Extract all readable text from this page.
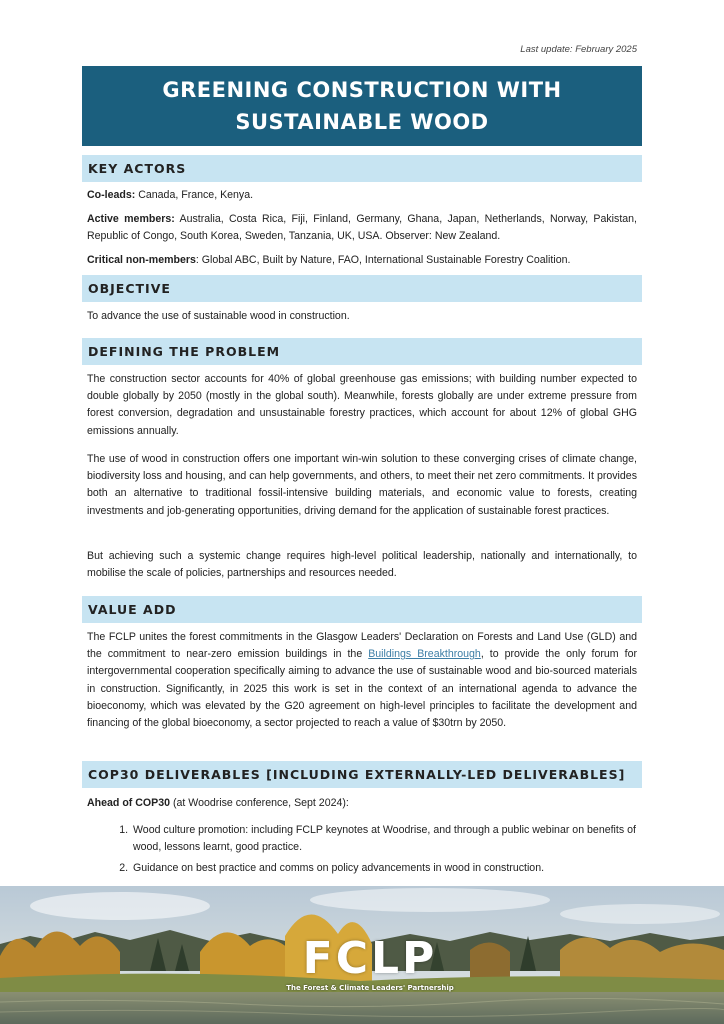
Last update: February 2025
GREENING CONSTRUCTION WITH
SUSTAINABLE WOOD
KEY ACTORS
Co-leads: Canada, France, Kenya.
Active members: Australia, Costa Rica, Fiji, Finland, Germany, Ghana, Japan, Netherlands, Norway, Pakistan, Republic of Congo, South Korea, Sweden, Tanzania, UK, USA. Observer: New Zealand.
Critical non-members: Global ABC, Built by Nature, FAO, International Sustainable Forestry Coalition.
OBJECTIVE
To advance the use of sustainable wood in construction.
DEFINING THE PROBLEM
The construction sector accounts for 40% of global greenhouse gas emissions; with building number expected to double globally by 2050 (mostly in the global south). Meanwhile, forests globally are under extreme pressure from forest conversion, degradation and unsustainable forestry practices, which account for about 12% of global GHG emissions annually.
The use of wood in construction offers one important win-win solution to these converging crises of climate change, biodiversity loss and housing, and can help governments, and others, to meet their net zero commitments. It provides both an alternative to traditional fossil-intensive building materials, and economic value to forests, creating investments and job-generating opportunities, driving demand for the application of sustainable forest practices.
But achieving such a systemic change requires high-level political leadership, nationally and internationally, to mobilise the scale of policies, partnerships and resources needed.
VALUE ADD
The FCLP unites the forest commitments in the Glasgow Leaders' Declaration on Forests and Land Use (GLD) and the commitment to near-zero emission buildings in the Buildings Breakthrough, to provide the only forum for intergovernmental cooperation specifically aiming to advance the use of sustainable wood and bio-sourced materials in construction. Significantly, in 2025 this work is set in the context of an international agenda to advance the bioeconomy, which was elevated by the G20 agreement on high-level principles to facilitate the development and financing of the global bioeconomy, a sector projected to reach a value of $30trn by 2050.
COP30 DELIVERABLES [INCLUDING EXTERNALLY-LED DELIVERABLES]
Ahead of COP30 (at Woodrise conference, Sept 2024):
1. Wood culture promotion: including FCLP keynotes at Woodrise, and through a public webinar on benefits of wood, lessons learnt, good practice.
2. Guidance on best practice and comms on policy advancements in wood in construction.
FCLP
The Forest & Climate Leaders' Partnership
